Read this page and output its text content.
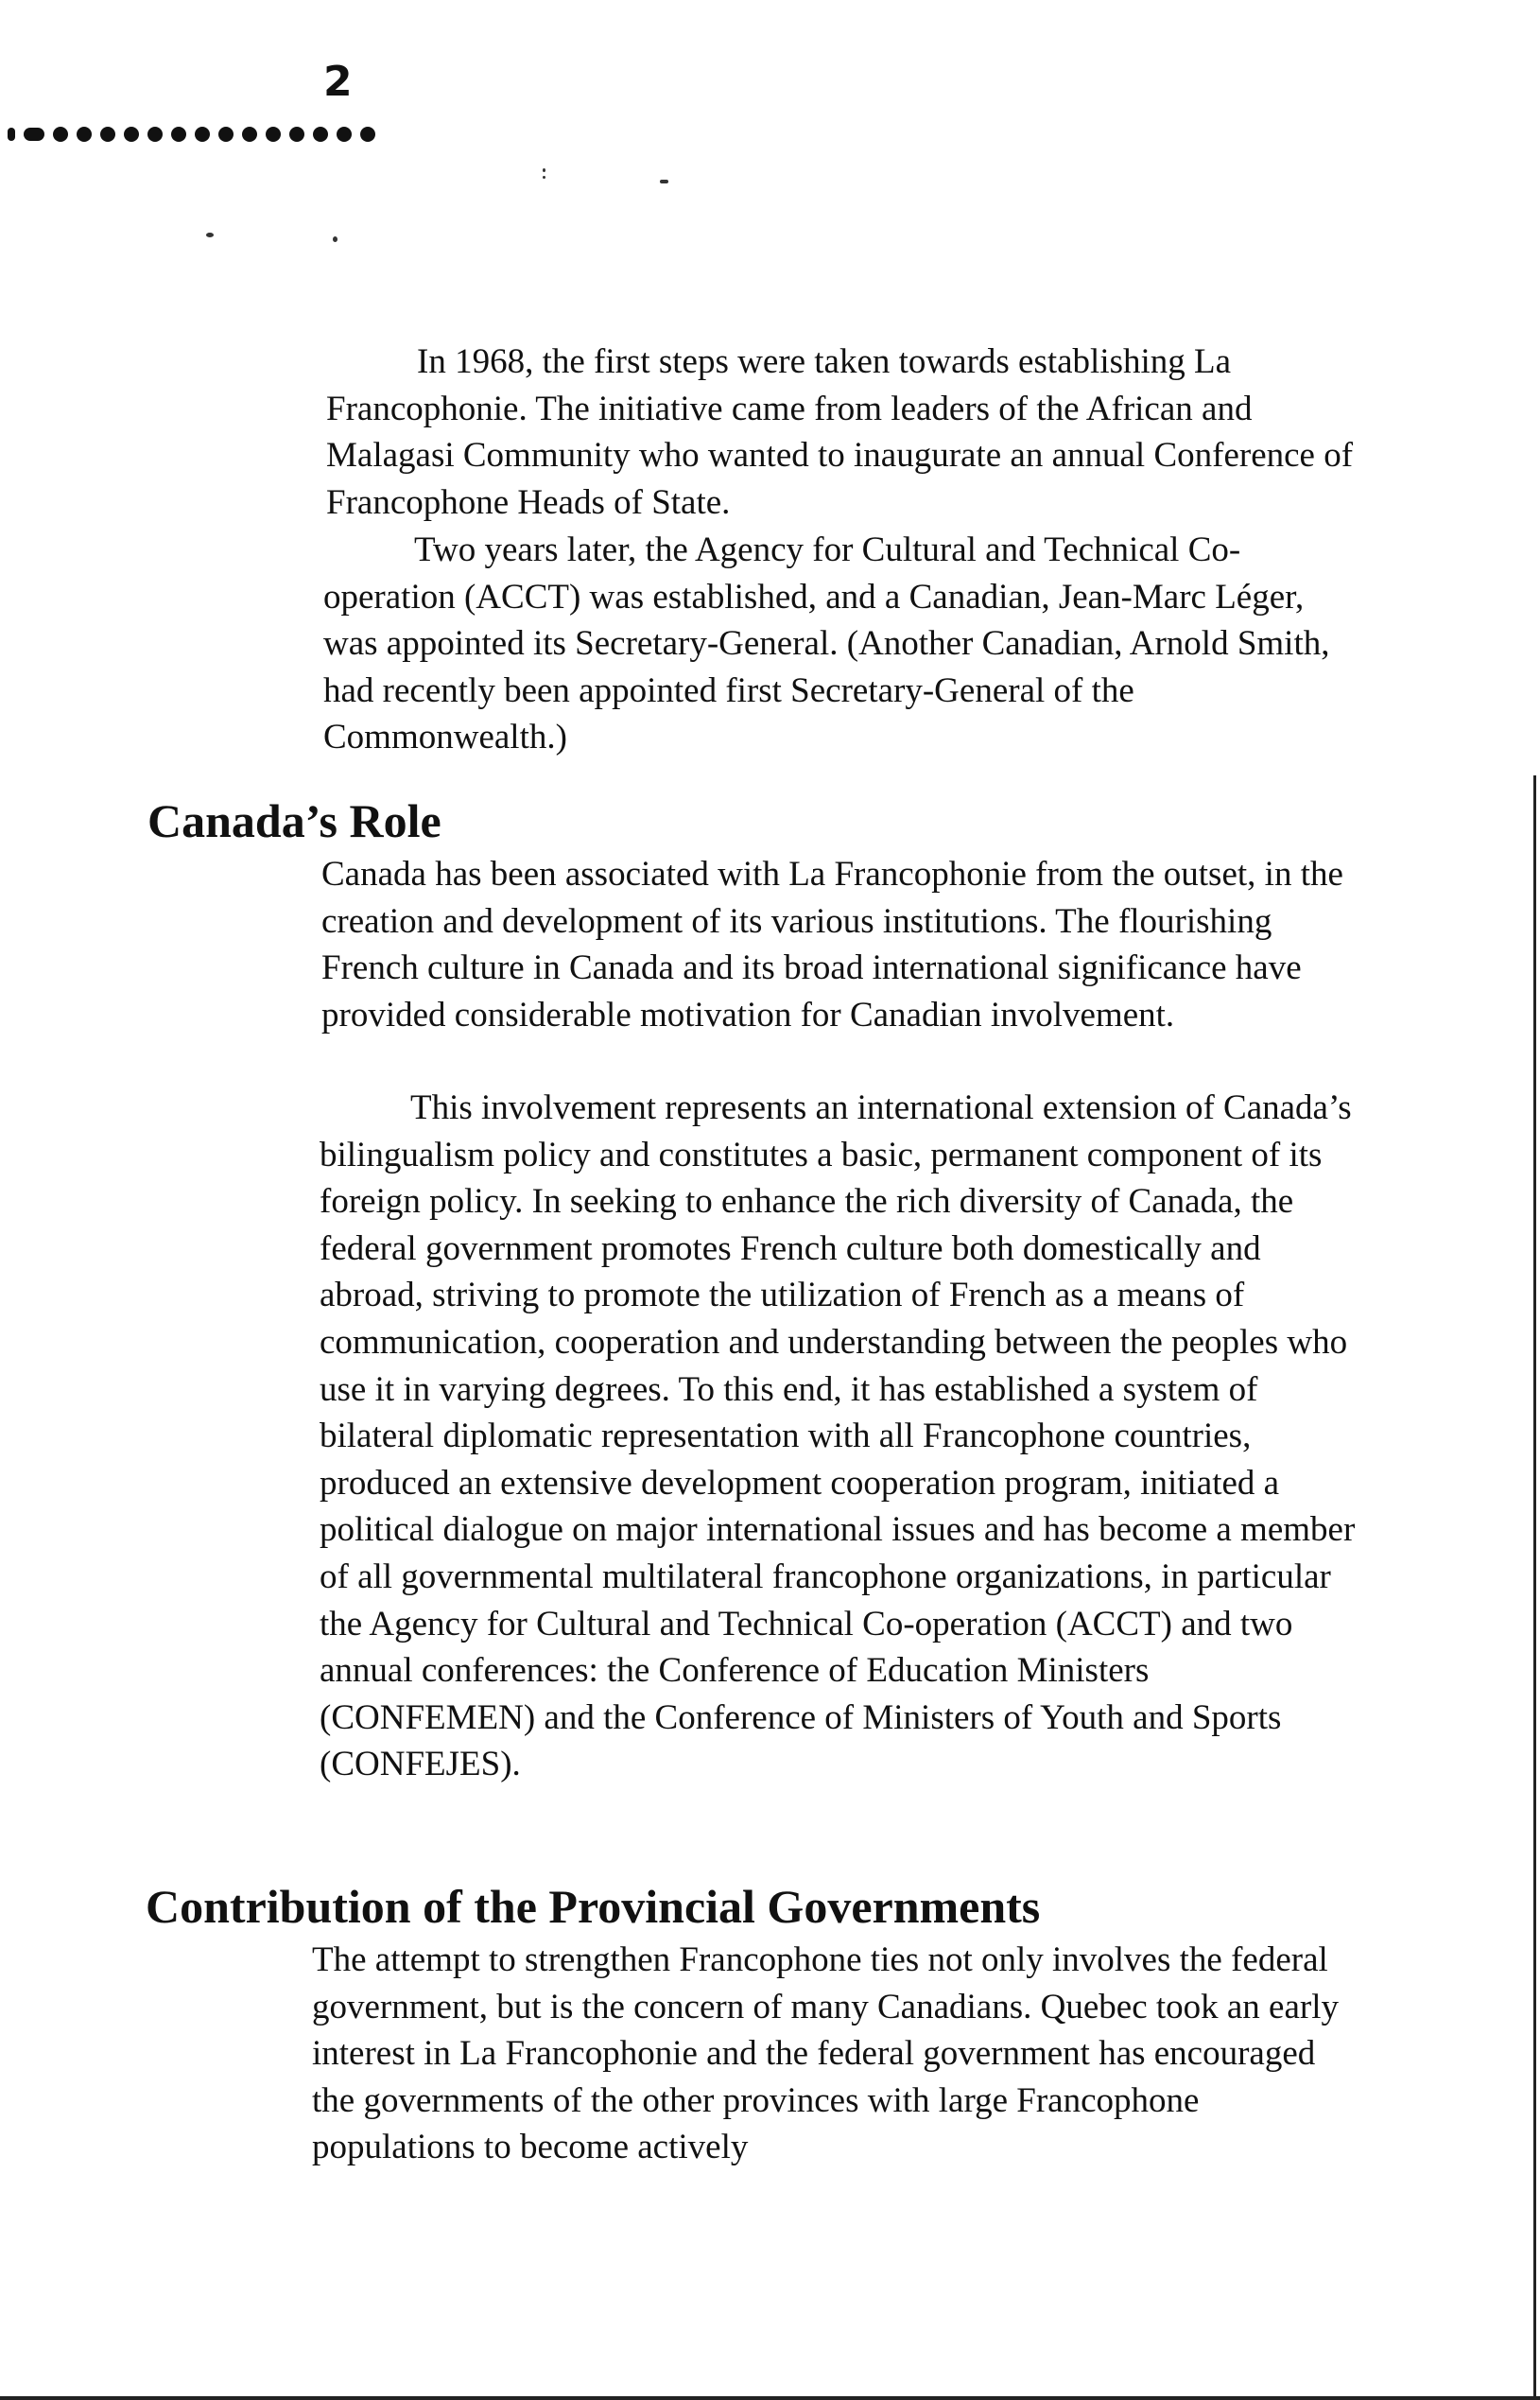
2

In 1968, the first steps were taken towards establishing La Francophonie. The initiative came from leaders of the African and Malagasi Community who wanted to inaugurate an annual Conference of Francophone Heads of State.

Two years later, the Agency for Cultural and Technical Co-operation (ACCT) was established, and a Canadian, Jean-Marc Léger, was appointed its Secretary-General. (Another Canadian, Arnold Smith, had recently been appointed first Secretary-General of the Commonwealth.)

Canada’s Role

Canada has been associated with La Francophonie from the outset, in the creation and development of its various institutions. The flourishing French culture in Canada and its broad international significance have provided considerable motivation for Canadian involvement.

This involvement represents an international extension of Canada’s bilingualism policy and constitutes a basic, permanent component of its foreign policy. In seeking to enhance the rich diversity of Canada, the federal government promotes French culture both domestically and abroad, striving to promote the utilization of French as a means of communication, cooperation and understanding between the peoples who use it in varying degrees. To this end, it has established a system of bilateral diplomatic representation with all Francophone countries, produced an extensive development cooperation program, initiated a political dialogue on major international issues and has become a member of all governmental multilateral francophone organizations, in particular the Agency for Cultural and Technical Co-operation (ACCT) and two annual conferences: the Conference of Education Ministers (CONFEMEN) and the Conference of Ministers of Youth and Sports (CONFEJES).

Contribution of the Provincial Governments

The attempt to strengthen Francophone ties not only involves the federal government, but is the concern of many Canadians. Quebec took an early interest in La Francophonie and the federal government has encouraged the governments of the other provinces with large Francophone populations to become actively
